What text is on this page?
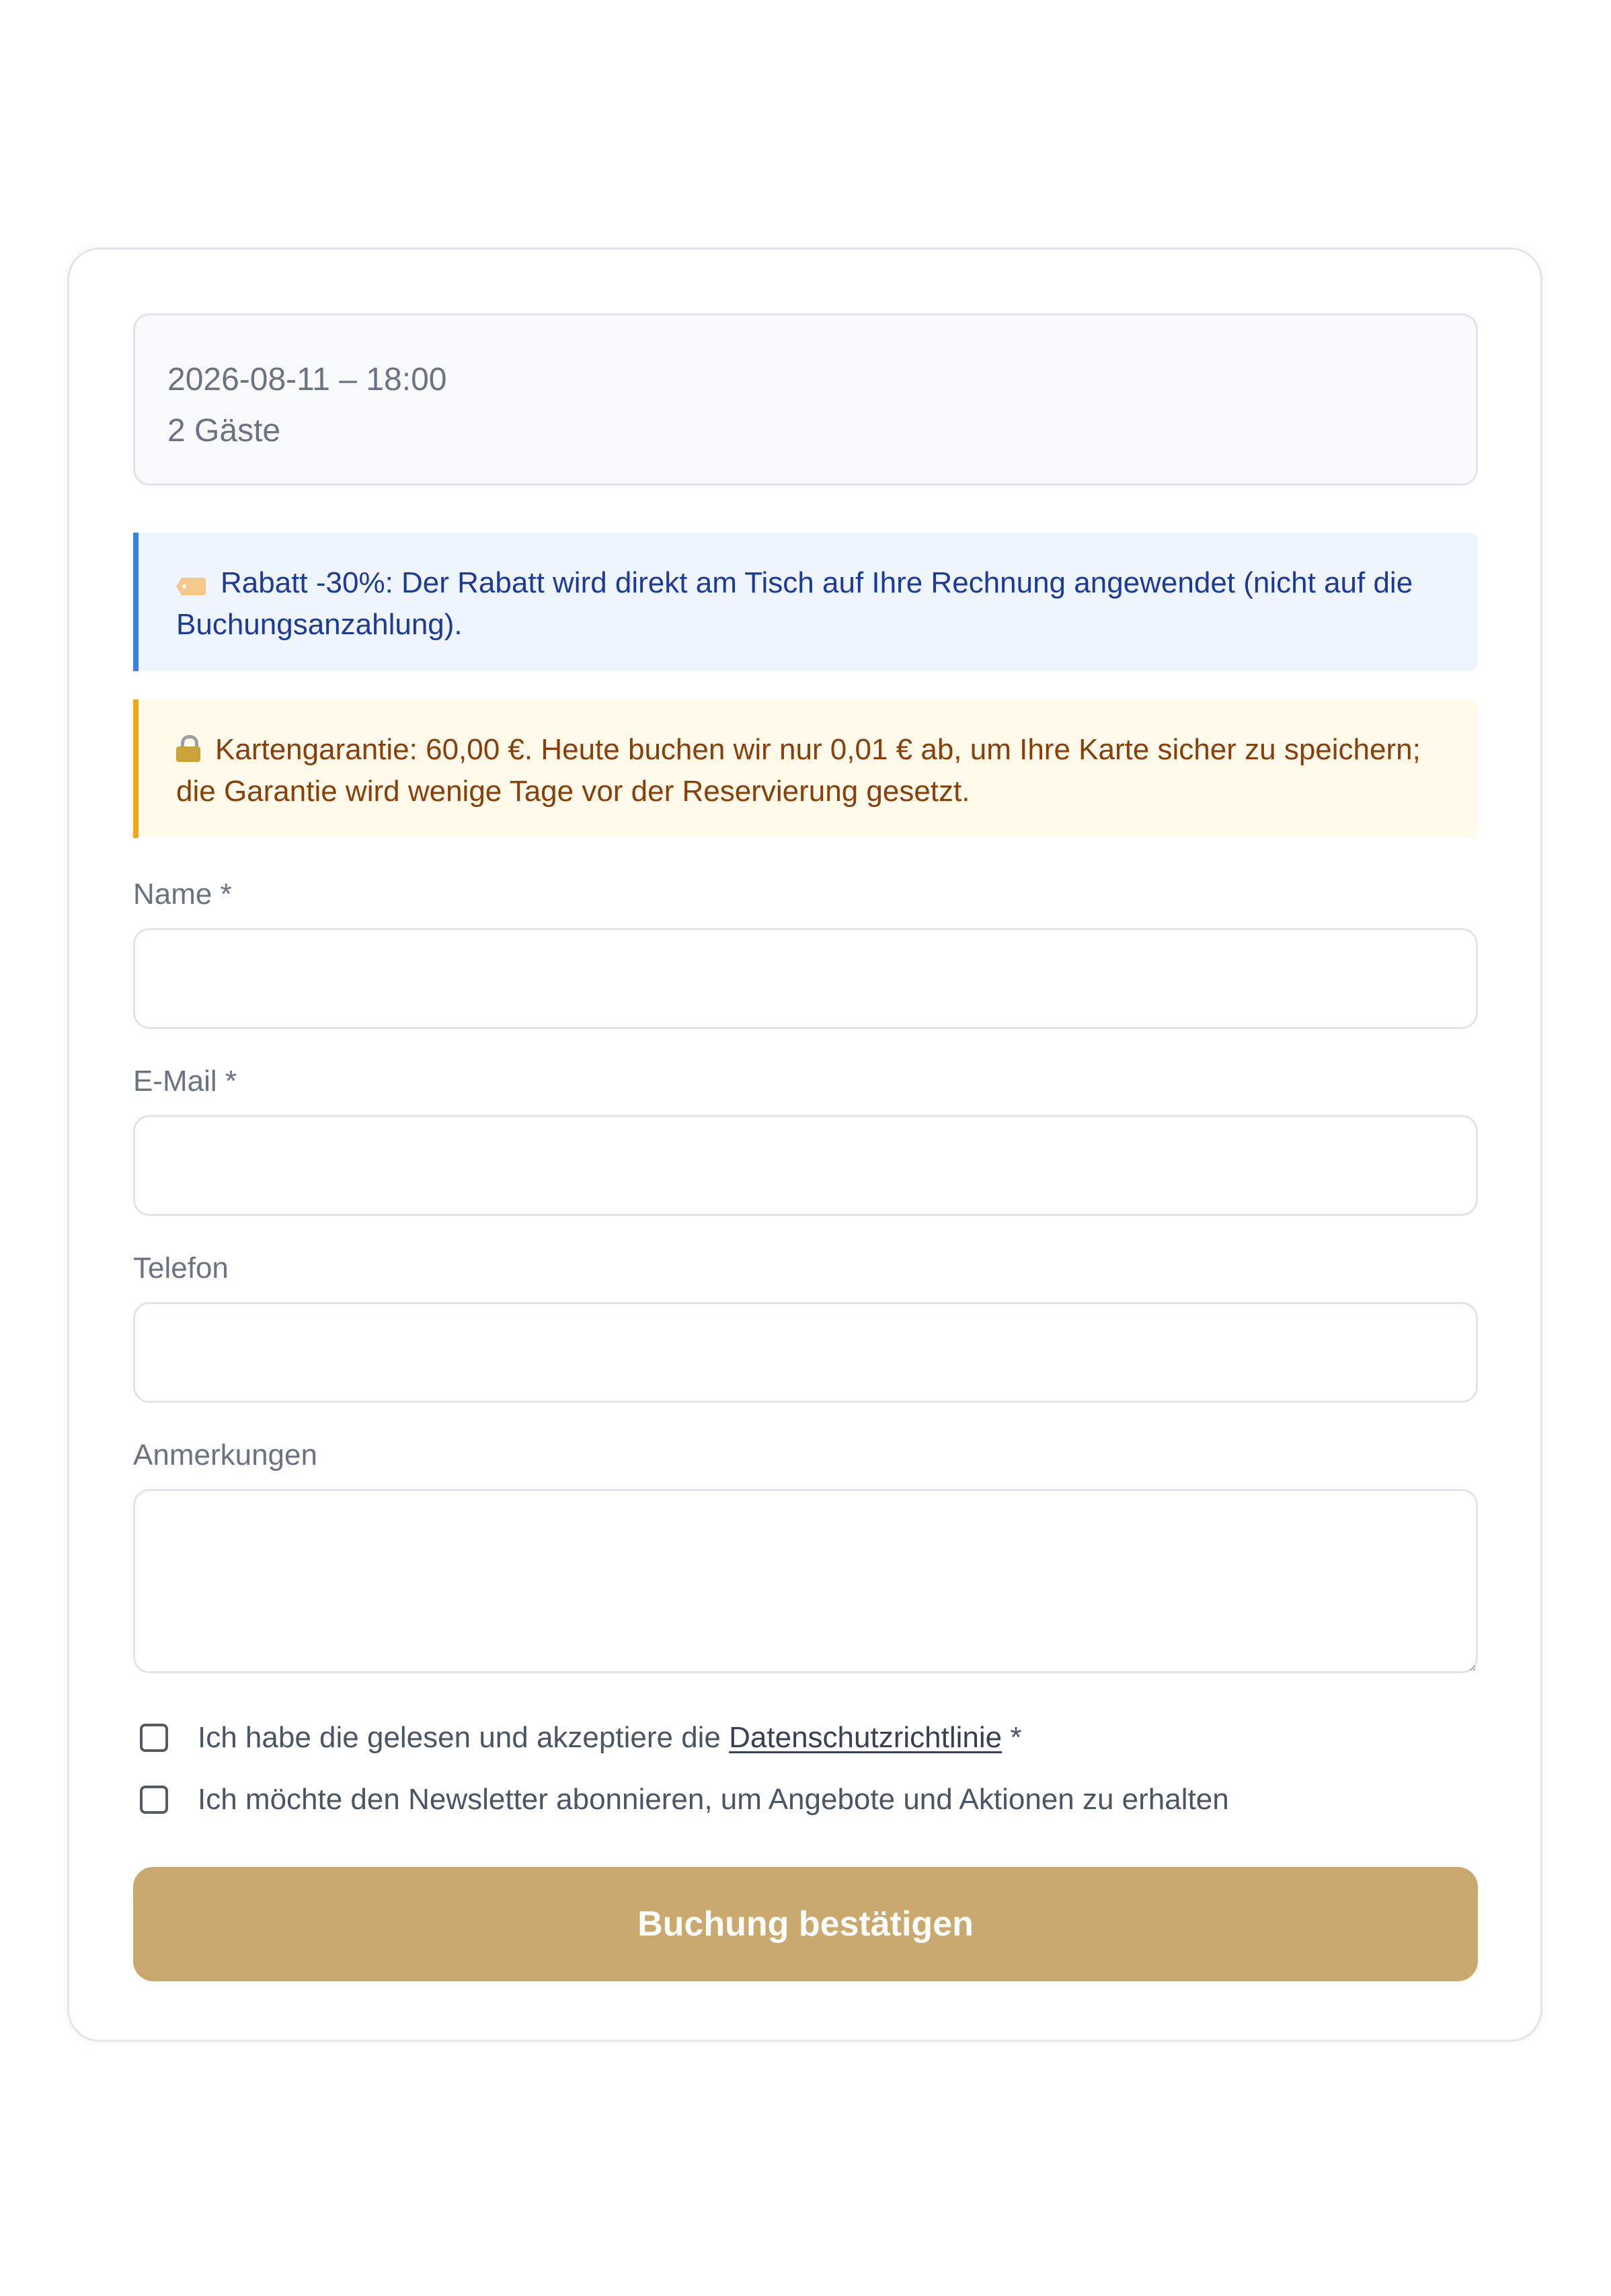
2026-08-11 – 18:00
2 Gäste
Rabatt -30%: Der Rabatt wird direkt am Tisch auf Ihre Rechnung angewendet (nicht auf die Buchungsanzahlung).
Kartengarantie: 60,00 €. Heute buchen wir nur 0,01 € ab, um Ihre Karte sicher zu speichern; die Garantie wird wenige Tage vor der Reservierung gesetzt.
Name *
E-Mail *
Telefon
Anmerkungen
Ich habe die gelesen und akzeptiere die Datenschutzrichtlinie *
Ich möchte den Newsletter abonnieren, um Angebote und Aktionen zu erhalten
Buchung bestätigen
